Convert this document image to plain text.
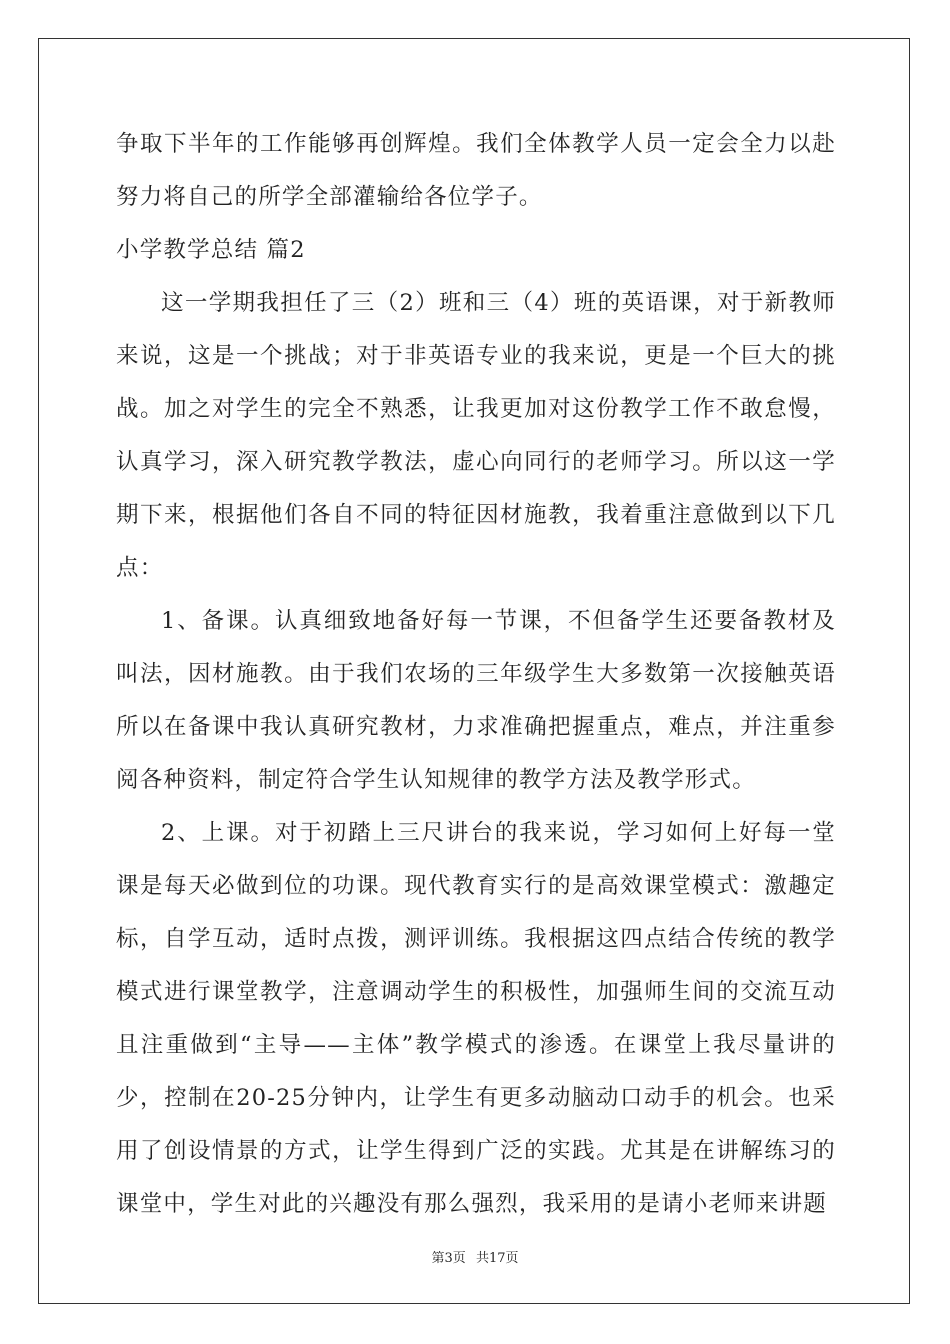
争取下半年的工作能够再创辉煌。我们全体教学人员一定会全力以赴努力将自己的所学全部灌输给各位学子。

小学教学总结 篇2

这一学期我担任了三（2）班和三（4）班的英语课，对于新教师来说，这是一个挑战；对于非英语专业的我来说，更是一个巨大的挑战。加之对学生的完全不熟悉，让我更加对这份教学工作不敢怠慢，认真学习，深入研究教学教法，虚心向同行的老师学习。所以这一学期下来，根据他们各自不同的特征因材施教，我着重注意做到以下几点：

1、备课。认真细致地备好每一节课，不但备学生还要备教材及叫法，因材施教。由于我们农场的三年级学生大多数第一次接触英语所以在备课中我认真研究教材，力求准确把握重点，难点，并注重参阅各种资料，制定符合学生认知规律的教学方法及教学形式。

2、上课。对于初踏上三尺讲台的我来说，学习如何上好每一堂课是每天必做到位的功课。现代教育实行的是高效课堂模式：激趣定标，自学互动，适时点拨，测评训练。我根据这四点结合传统的教学模式进行课堂教学，注意调动学生的积极性，加强师生间的交流互动且注重做到“主导——主体”教学模式的渗透。在课堂上我尽量讲的少，控制在20-25分钟内，让学生有更多动脑动口动手的机会。也采用了创设情景的方式，让学生得到广泛的实践。尤其是在讲解练习的课堂中，学生对此的兴趣没有那么强烈，我采用的是请小老师来讲题

第3页 共17页
